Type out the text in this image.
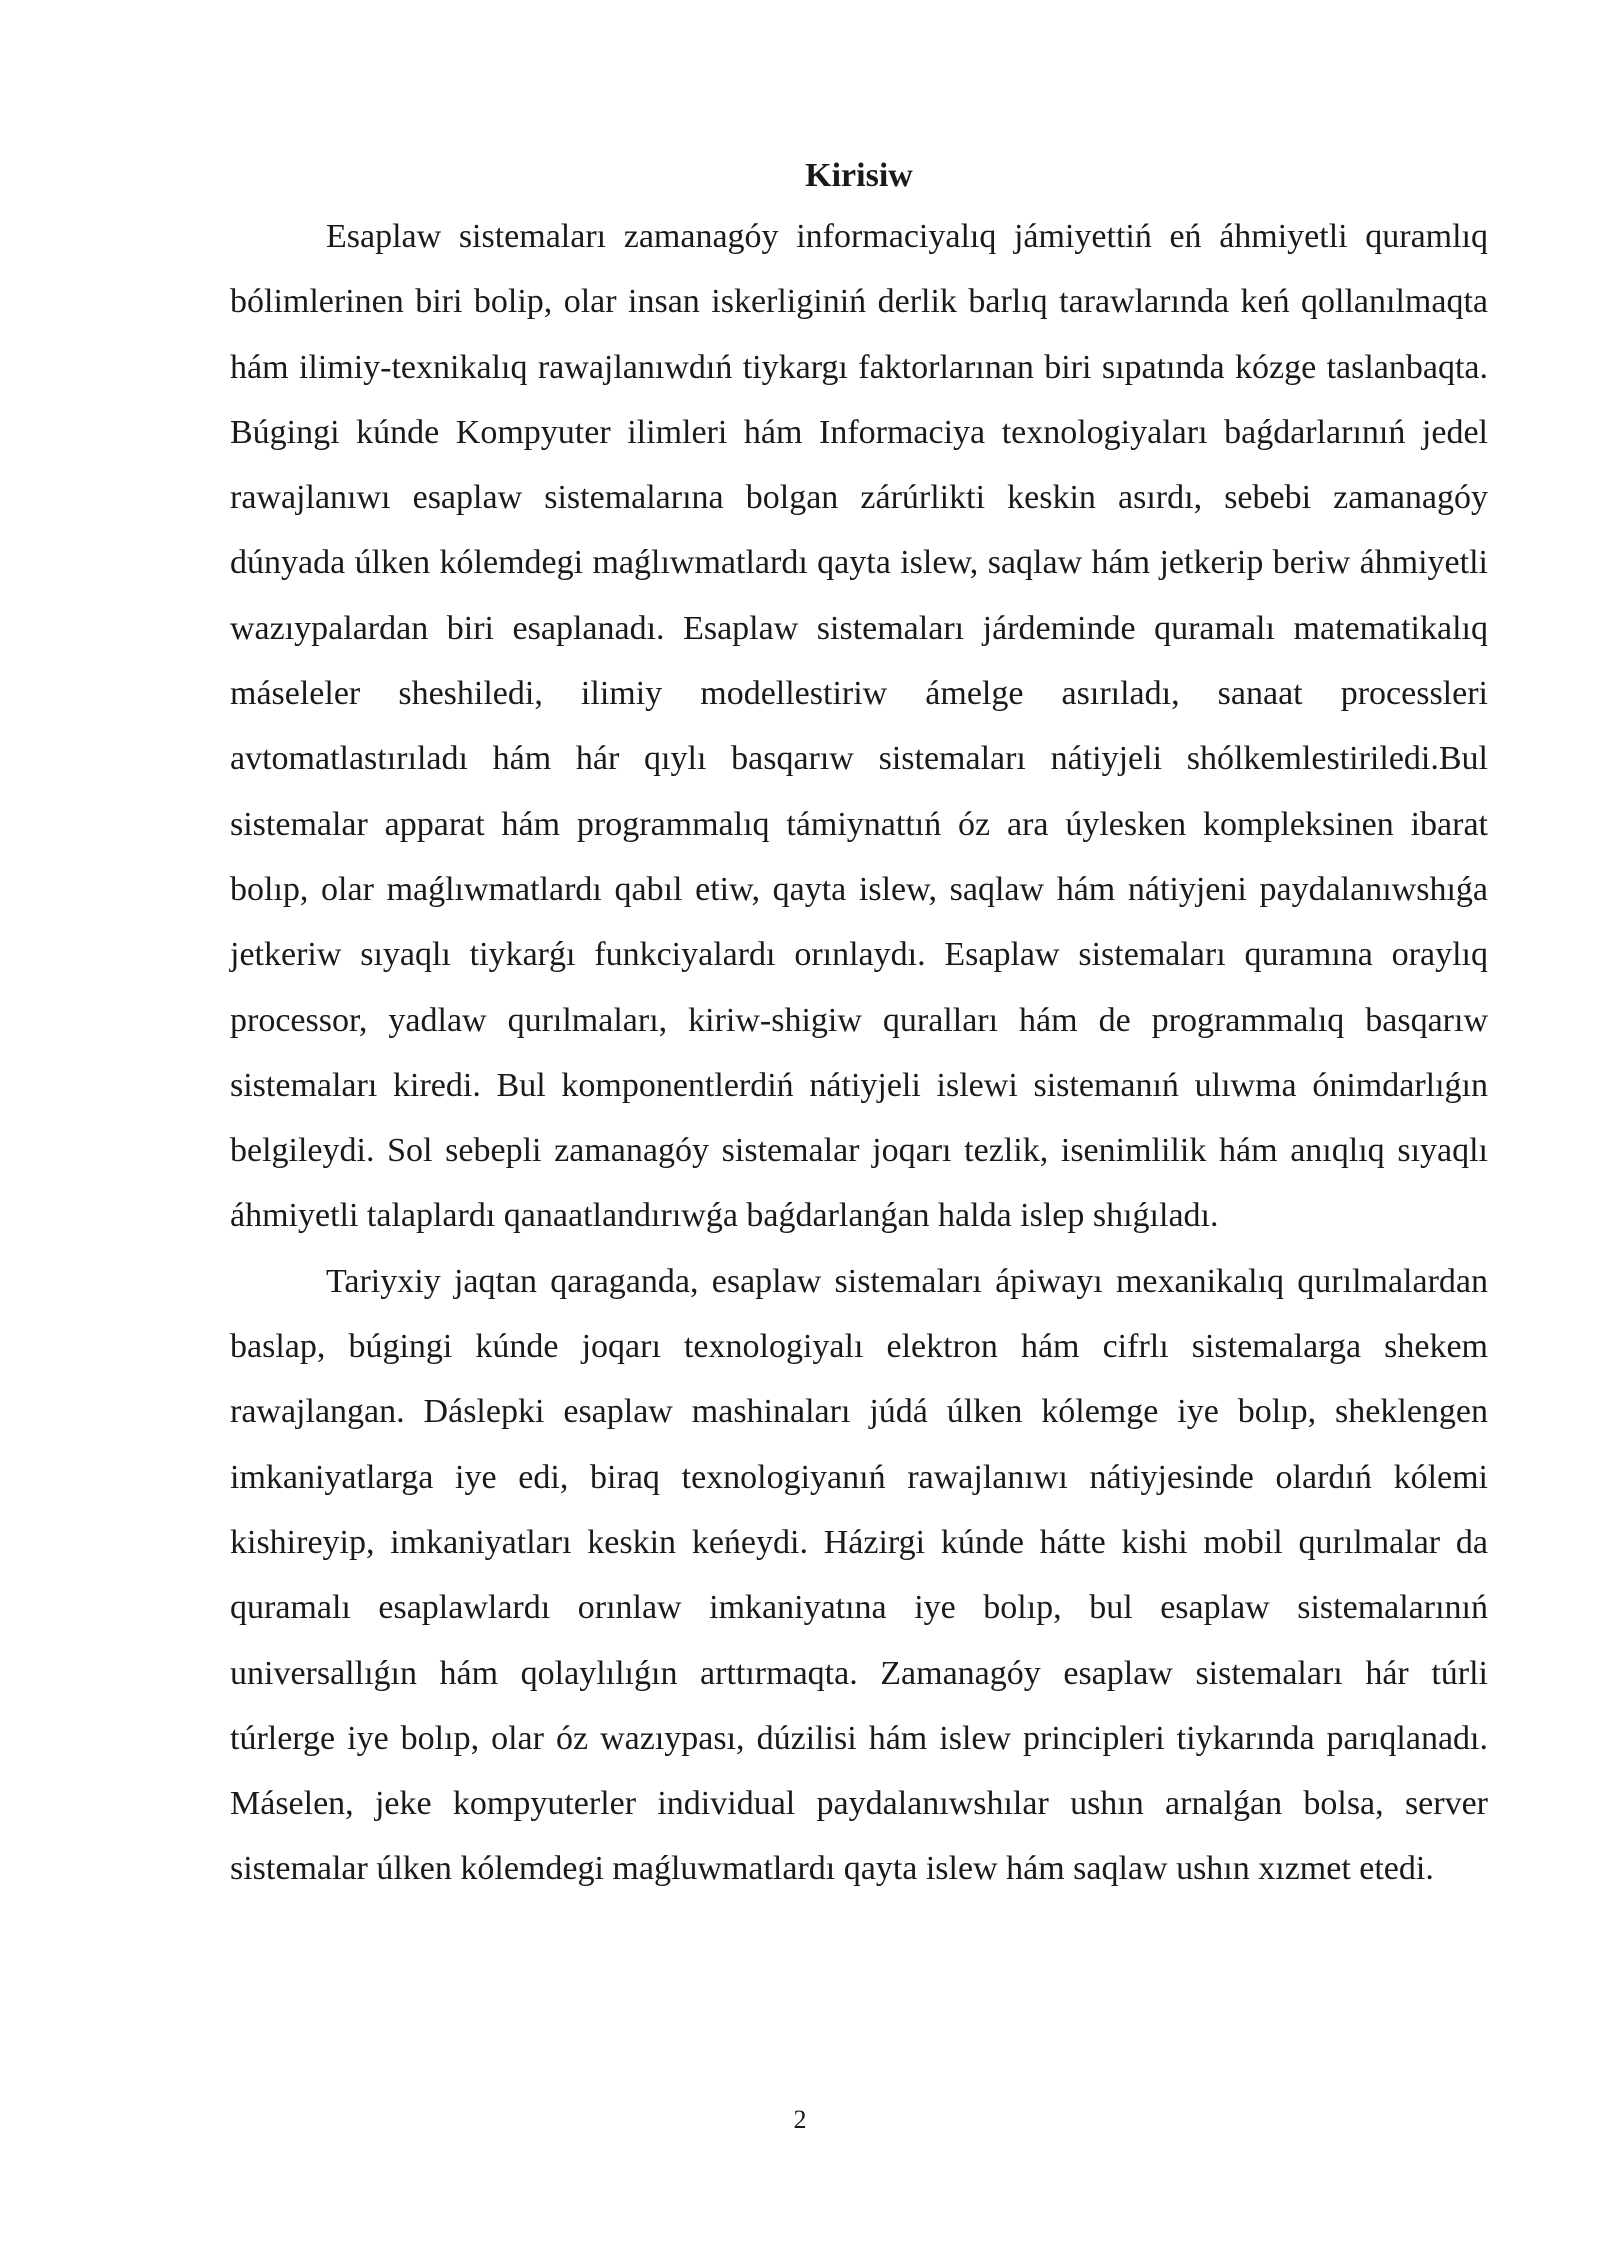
Kirisiw

Esaplaw sistemaları zamanagóy informaciyalıq jámiyettiń eń áhmiyetli quramlıq bólimlerinen biri bolip, olar insan iskerliginiń derlik barlıq tarawlarında keń qollanılmaqta hám ilimiy-texnikalıq rawajlanıwdıń tiykargı faktorlarınan biri sıpatında kózge taslanbaqta. Búgingi kúnde Kompyuter ilimleri hám Informaciya texnologiyaları baǵdarlarınıń jedel rawajlanıwı esaplaw sistemalarına bolgan zárúrlikti keskin asırdı, sebebi zamanagóy dúnyada úlken kólemdegi maǵlıwmatlardı qayta islew, saqlaw hám jetkerip beriw áhmiyetli wazıypalardan biri esaplanadı. Esaplaw sistemaları járdeminde quramalı matematikalıq máseleler sheshiledi, ilimiy modellestiriw ámelge asırıladı, sanaat processleri avtomatlastırıladı hám hár qıylı basqarıw sistemaları nátiyjeli shólkemlestiriledi.Bul sistemalar apparat hám programmalıq támiynattıń óz ara úylesken kompleksinen ibarat bolıp, olar maǵlıwmatlardı qabıl etiw, qayta islew, saqlaw hám nátiyjeni paydalanıwshıǵa jetkeriw sıyaqlı tiykarǵı funkciyalardı orınlaydı. Esaplaw sistemaları quramına oraylıq processor, yadlaw qurılmaları, kiriw-shigiw quralları hám de programmalıq basqarıw sistemaları kiredi. Bul komponentlerdiń nátiyjeli islewi sistemanıń ulıwma ónimdarlıǵın belgileydi. Sol sebepli zamanagóy sistemalar joqarı tezlik, isenimlilik hám anıqlıq sıyaqlı áhmiyetli talaplardı qanaatlandırıwǵa baǵdarlanǵan halda islep shıǵıladı.

Tariyxiy jaqtan qaraganda, esaplaw sistemaları ápiwayı mexanikalıq qurılmalardan baslap, búgingi kúnde joqarı texnologiyalı elektron hám cifrlı sistemalarga shekem rawajlangan. Dáslepki esaplaw mashinaları júdá úlken kólemge iye bolıp, sheklengen imkaniyatlarga iye edi, biraq texnologiyanıń rawajlanıwı nátiyjesinde olardıń kólemi kishireyip, imkaniyatları keskin keńeydi. Házirgi kúnde hátte kishi mobil qurılmalar da quramalı esaplawlardı orınlaw imkaniyatına iye bolıp, bul esaplaw sistemalarınıń universallıǵın hám qolaylılıǵın arttırmaqta. Zamanagóy esaplaw sistemaları hár túrli túrlerge iye bolıp, olar óz wazıypası, dúzilisi hám islew principleri tiykarında parıqlanadı. Máselen, jeke kompyuterler individual paydalanıwshılar ushın arnalǵan bolsa, server sistemalar úlken kólemdegi maǵluwmatlardı qayta islew hám saqlaw ushın xızmet etedi.

2
